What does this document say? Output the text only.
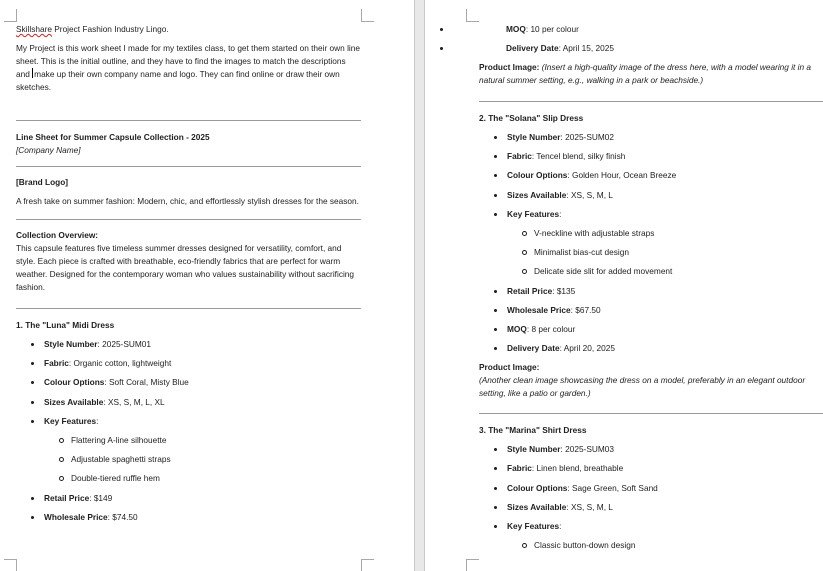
Skillshare Project Fashion Industry Lingo.

My Project is this work sheet I made for my textiles class, to get them started on their own line sheet. This is the initial outline, and they have to find the images to match the descriptions and make up their own company name and logo. They can find online or draw their own sketches.

Line Sheet for Summer Capsule Collection - 2025

[Company Name]

[Brand Logo]

A fresh take on summer fashion: Modern, chic, and effortlessly stylish dresses for the season.

Collection Overview:

This capsule features five timeless summer dresses designed for versatility, comfort, and style. Each piece is crafted with breathable, eco-friendly fabrics that are perfect for warm weather. Designed for the contemporary woman who values sustainability without sacrificing fashion.

1. The "Luna" Midi Dress

Style Number: 2025-SUM01
Fabric: Organic cotton, lightweight
Colour Options: Soft Coral, Misty Blue
Sizes Available: XS, S, M, L, XL
Key Features:
Flattering A-line silhouette
Adjustable spaghetti straps
Double-tiered ruffle hem
Retail Price: $149
Wholesale Price: $74.50
MOQ: 10 per colour
Delivery Date: April 15, 2025

Product Image: (Insert a high-quality image of the dress here, with a model wearing it in a natural summer setting, e.g., walking in a park or beachside.)

2. The "Solana" Slip Dress

Style Number: 2025-SUM02
Fabric: Tencel blend, silky finish
Colour Options: Golden Hour, Ocean Breeze
Sizes Available: XS, S, M, L
Key Features:
V-neckline with adjustable straps
Minimalist bias-cut design
Delicate side slit for added movement
Retail Price: $135
Wholesale Price: $67.50
MOQ: 8 per colour
Delivery Date: April 20, 2025

Product Image:

(Another clean image showcasing the dress on a model, preferably in an elegant outdoor setting, like a patio or garden.)

3. The "Marina" Shirt Dress

Style Number: 2025-SUM03
Fabric: Linen blend, breathable
Colour Options: Sage Green, Soft Sand
Sizes Available: XS, S, M, L
Key Features:
Classic button-down design
